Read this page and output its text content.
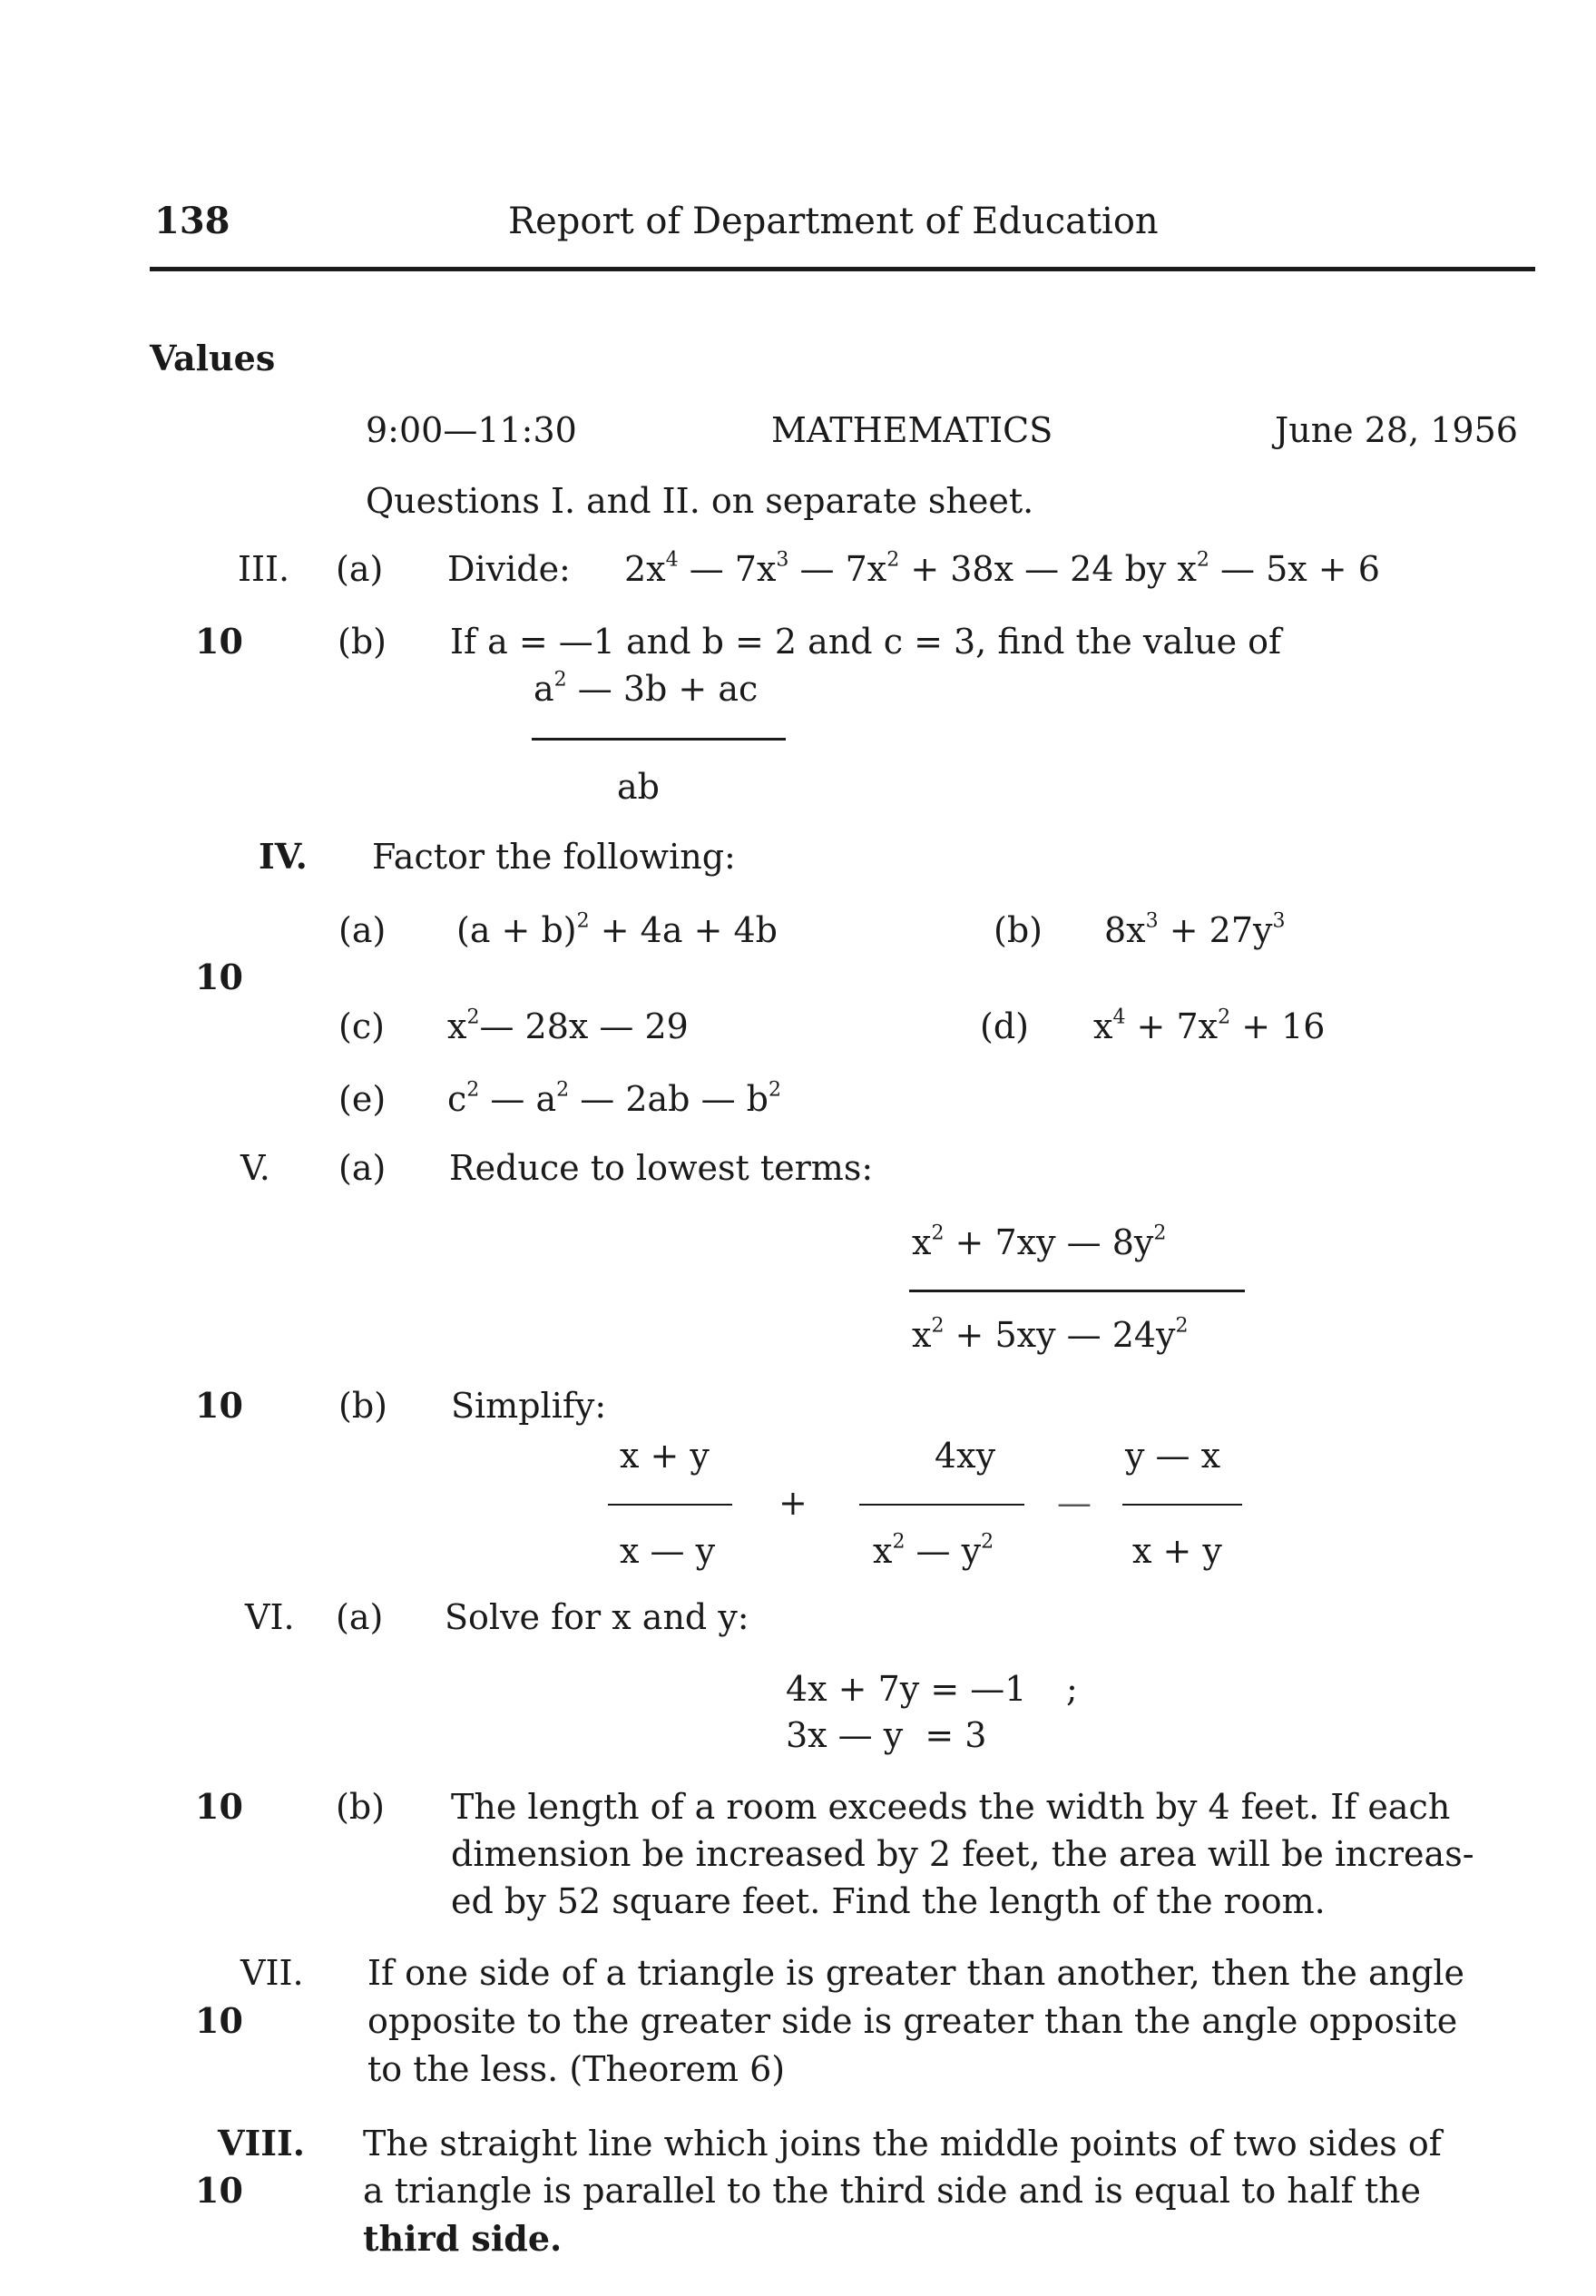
138	Report of Department of Education
Values
9:00—11:30	MATHEMATICS	June 28, 1956
Questions I. and II. on separate sheet.
III. (a) Divide: $2x^4$ — $7x^3$ — $7x^2 + 38x$ — 24 by $x^2$ — 5x + 6
10	(b) If a = —1 and b = 2 and c = 3, find the value of
$a^2$ — 3b + ac
ab
IV. Factor the following:
(a) $(a + b)^2 + 4a + 4b$	(b) $8x^3 + 27y^3$
10
(c) $x^2—$ 28x — 29	(d) $x^4 + 7x^2 + 16$
(e) $c^2$ — $a^2$ — 2ab — $b^2$
V. (a) Reduce to lowest terms:
$x^2 + 7xy$ — $8y^2$
$x^2 + 5xy$ — $24y^2$
10	(b) Simplify:
x + y
x — y
+
4xy
$x^2$ — $y^2$
—
y — x
x + y
VI. (a) Solve for x and y:
4x + 7y = —1 ;
3x — y  = 3
10	(b) The length of a room exceeds the width by 4 feet. If each
dimension be increased by 2 feet, the area will be increas-
ed by 52 square feet. Find the length of the room.
VII. If one side of a triangle is greater than another, then the angle
10	opposite to the greater side is greater than the angle opposite
to the less. (Theorem 6)
VIII. The straight line which joins the middle points of two sides of
10	a triangle is parallel to the third side and is equal to half the
third side.
